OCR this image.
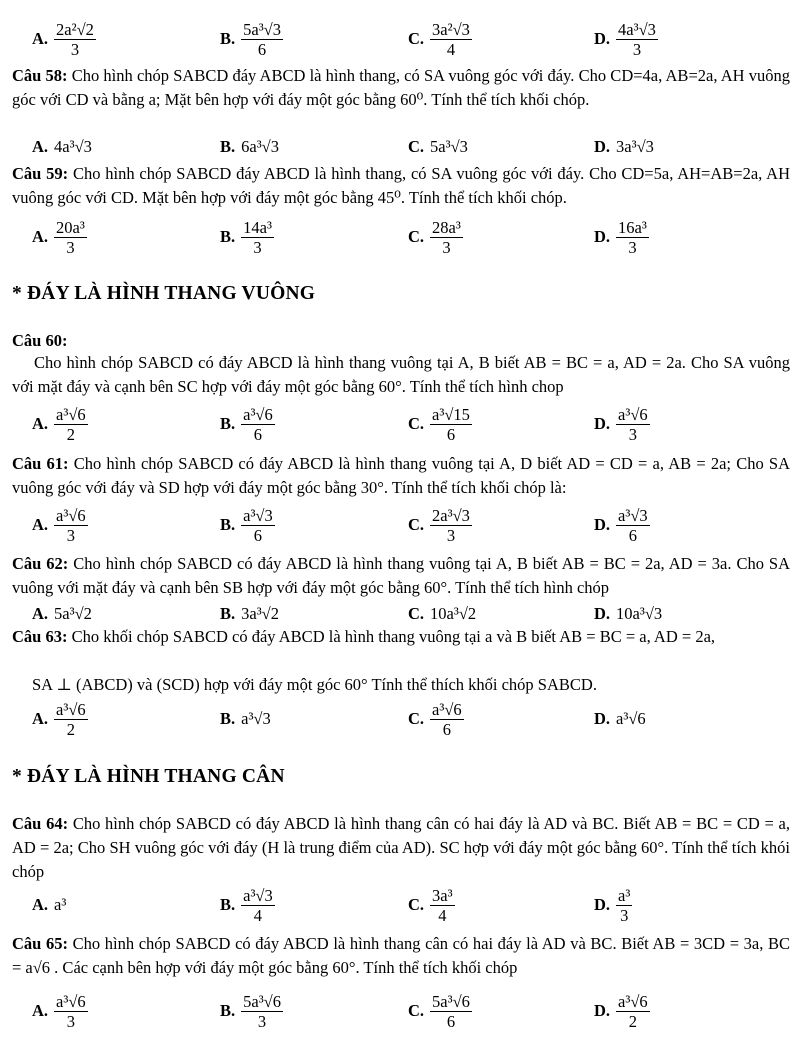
A. $\frac{\text{2a²√2}}{3}$	B. $\frac{\text{5a³√3}}{6}$	C. $\frac{\text{3a²√3}}{4}$	D. $\frac{\text{4a³√3}}{3}$
Câu 58: Cho hình chóp SABCD đáy ABCD là hình thang, có SA vuông góc với đáy. Cho CD=4a, AB=2a, AH vuông góc với CD và bằng a; Mặt bên hợp với đáy một góc bằng 60⁰. Tính thể tích khối chóp.
A. 4a³√3	B. 6a³√3	C. 5a³√3	D. 3a³√3
Câu 59: Cho hình chóp SABCD đáy ABCD là hình thang, có SA vuông góc với đáy. Cho CD=5a, AH=AB=2a, AH vuông góc với CD. Mặt bên hợp với đáy một góc bằng 45⁰. Tính thể tích khối chóp.
A. $\frac{\text{20a³}}{3}$	B. $\frac{\text{14a³}}{3}$	C. $\frac{\text{28a³}}{3}$	D. $\frac{\text{16a³}}{3}$
* ĐÁY LÀ HÌNH THANG VUÔNG
Câu 60:
Cho hình chóp SABCD có đáy ABCD là hình thang vuông tại A, B biết AB = BC = a, AD = 2a. Cho SA vuông với mặt đáy và cạnh bên SC hợp với đáy một góc bằng 60°. Tính thể tích hình chop
A. $\frac{\text{a³√6}}{2}$	B. $\frac{\text{a³√6}}{6}$	C. $\frac{\text{a³√15}}{6}$	D. $\frac{\text{a³√6}}{3}$
Câu 61: Cho hình chóp SABCD có đáy ABCD là hình thang vuông tại A, D biết AD = CD = a, AB = 2a; Cho SA vuông góc với đáy và SD hợp với đáy một góc bằng 30°. Tính thể tích khối chóp là:
A. $\frac{\text{a³√6}}{3}$	B. $\frac{\text{a³√3}}{6}$	C. $\frac{\text{2a³√3}}{3}$	D. $\frac{\text{a³√3}}{6}$
Câu 62: Cho hình chóp SABCD có đáy ABCD là hình thang vuông tại A, B biết AB = BC = 2a, AD = 3a. Cho SA vuông với mặt đáy và cạnh bên SB hợp với đáy một góc bằng 60°. Tính thể tích hình chóp
A. 5a³√2	B. 3a³√2	C. 10a³√2	D. 10a³√3
Câu 63: Cho khối chóp SABCD có đáy ABCD là hình thang vuông tại a và B biết AB = BC = a, AD = 2a,
SA ⊥ (ABCD) và (SCD) hợp với đáy một góc 60° Tính thể thích khối chóp SABCD.
A. $\frac{\text{a³√6}}{2}$	B. a³√3	C. $\frac{\text{a³√6}}{6}$	D. a³√6
* ĐÁY LÀ HÌNH THANG CÂN
Câu 64: Cho hình chóp SABCD có đáy ABCD là hình thang cân có hai đáy là AD và BC. Biết AB = BC = CD = a, AD = 2a; Cho SH vuông góc với đáy (H là trung điểm của AD). SC hợp với đáy một góc bằng 60°. Tính thể tích khói chóp
A. a³	B. $\frac{\text{a³√3}}{4}$	C. $\frac{\text{3a³}}{4}$	D. $\frac{\text{a³}}{3}$
Câu 65: Cho hình chóp SABCD có đáy ABCD là hình thang cân có hai đáy là AD và BC. Biết AB = 3CD = 3a, BC = a√6 . Các cạnh bên hợp với đáy một góc bằng 60°. Tính thể tích khối chóp
A. $\frac{\text{a³√6}}{3}$	B. $\frac{\text{5a³√6}}{3}$	C. $\frac{\text{5a³√6}}{6}$	D. $\frac{\text{a³√6}}{2}$
